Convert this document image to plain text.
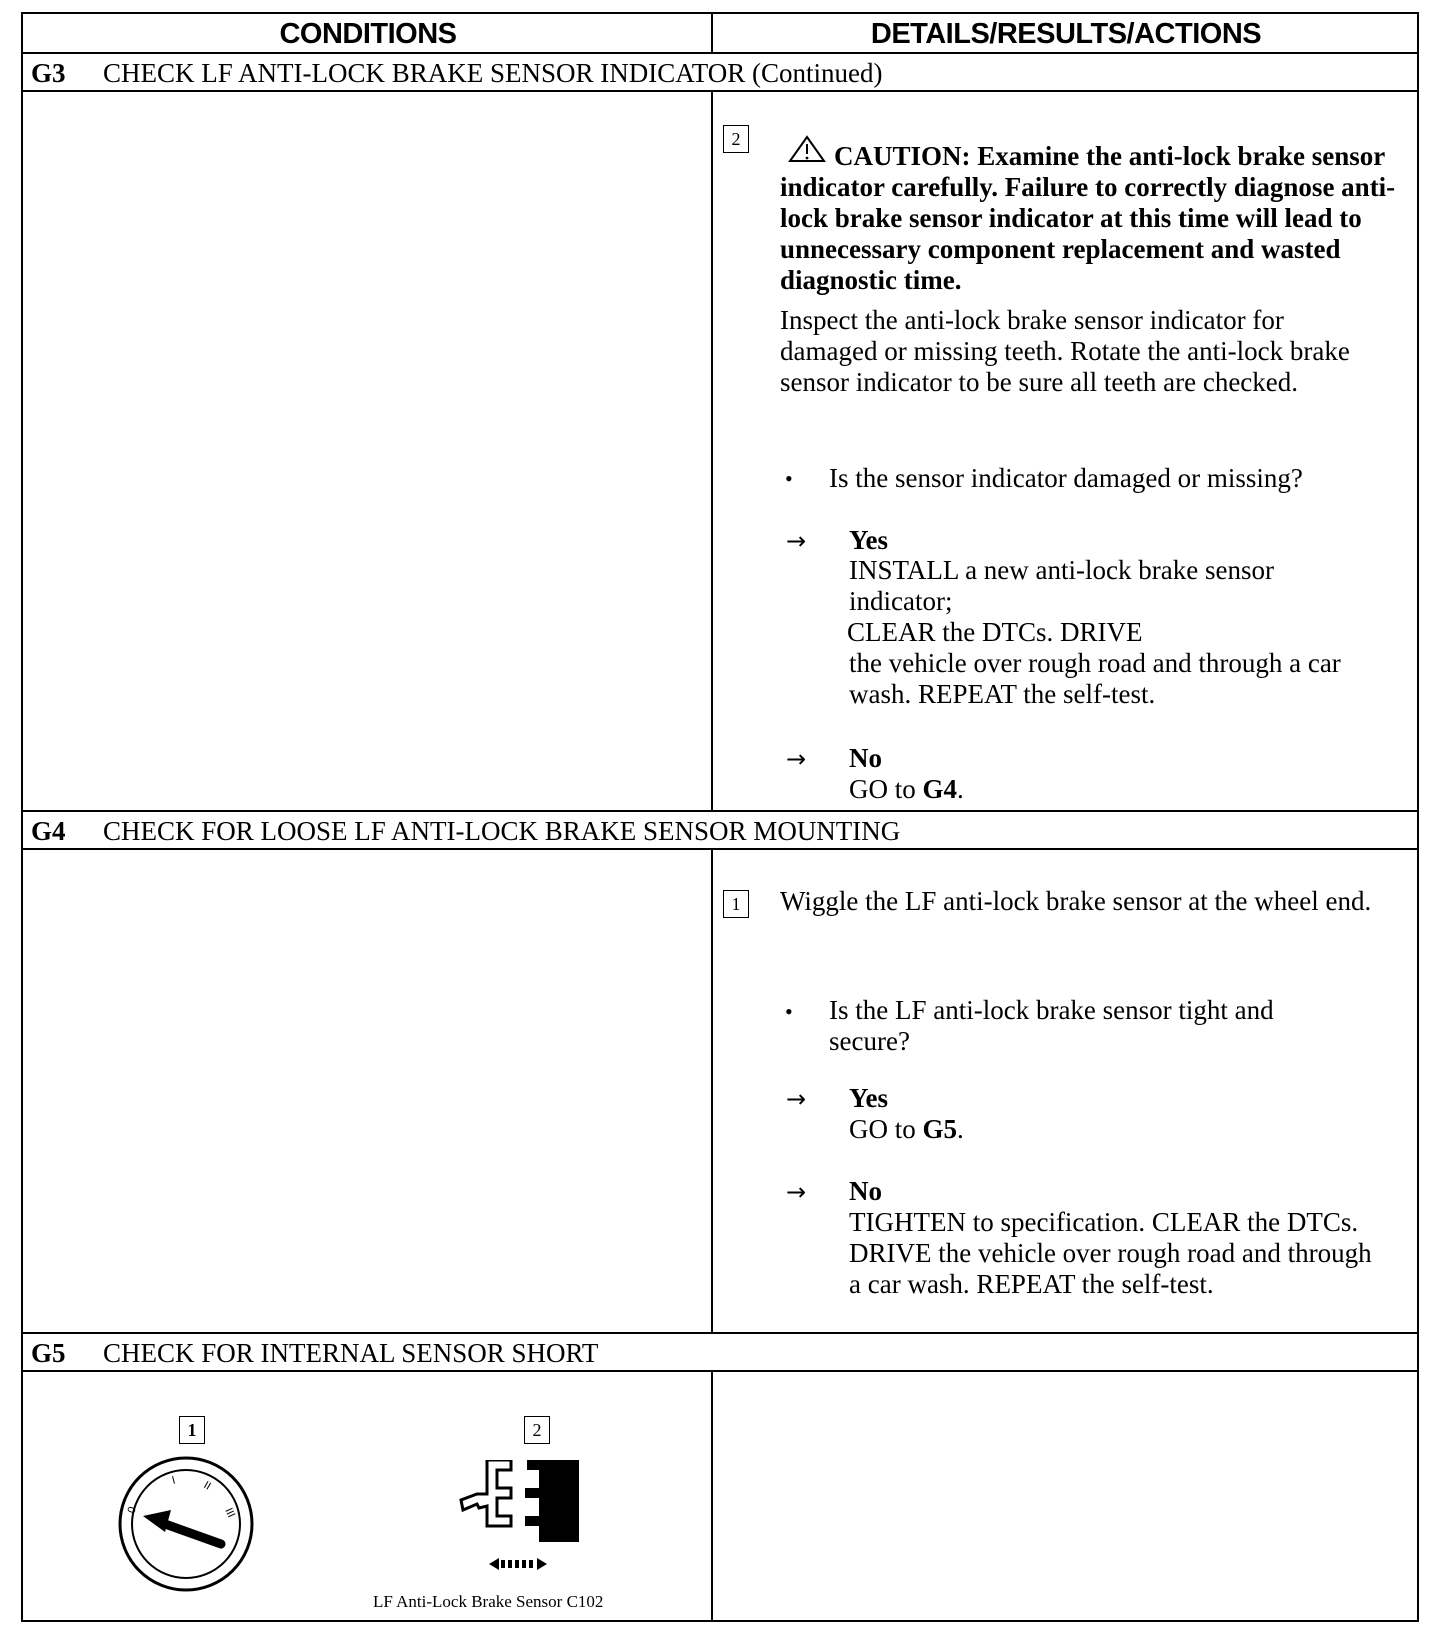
CONDITIONS	DETAILS/RESULTS/ACTIONS
G3 CHECK LF ANTI-LOCK BRAKE SENSOR INDICATOR (Continued)
2
CAUTION: Examine the anti-lock brake sensor indicator carefully. Failure to correctly diagnose anti-lock brake sensor indicator at this time will lead to unnecessary component replacement and wasted diagnostic time.
Inspect the anti-lock brake sensor indicator for damaged or missing teeth. Rotate the anti-lock brake sensor indicator to be sure all teeth are checked.
• Is the sensor indicator damaged or missing?
→ Yes
INSTALL a new anti-lock brake sensor indicator;
CLEAR the DTCs. DRIVE
the vehicle over rough road and through a car wash. REPEAT the self-test.
→ No
GO to G4.
G4 CHECK FOR LOOSE LF ANTI-LOCK BRAKE SENSOR MOUNTING
1	Wiggle the LF anti-lock brake sensor at the wheel end.
• Is the LF anti-lock brake sensor tight and secure?
→ Yes
GO to G5.
→ No
TIGHTEN to specification. CLEAR the DTCs. DRIVE the vehicle over rough road and through a car wash. REPEAT the self-test.
G5 CHECK FOR INTERNAL SENSOR SHORT
1
0
I II
III
2
LF Anti-Lock Brake Sensor C102
